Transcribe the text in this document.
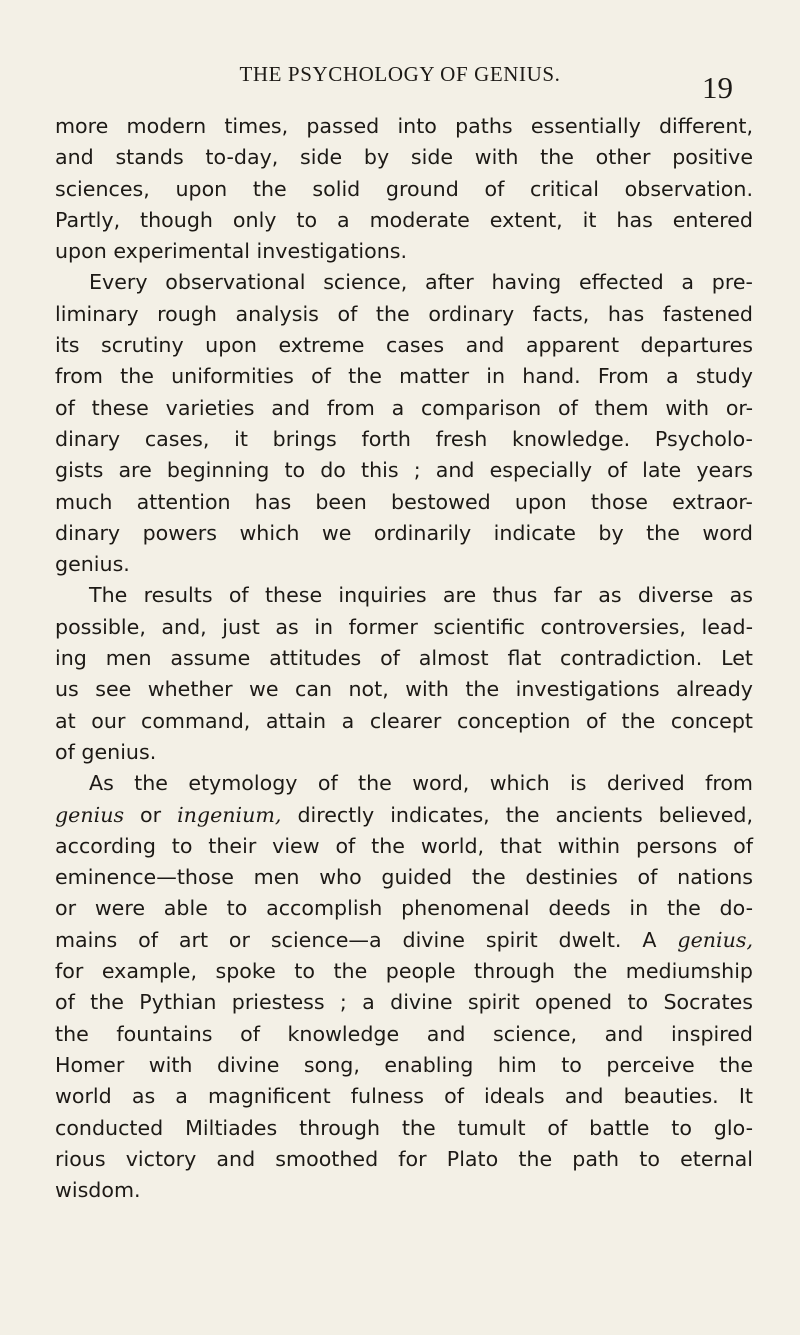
THE PSYCHOLOGY OF GENIUS.	19
more modern times, passed into paths essentially different,
and stands to-day, side by side with the other positive
sciences, upon the solid ground of critical observation.
Partly, though only to a moderate extent, it has entered
upon experimental investigations.
Every observational science, after having effected a pre-
liminary rough analysis of the ordinary facts, has fastened
its scrutiny upon extreme cases and apparent departures
from the uniformities of the matter in hand. From a study
of these varieties and from a comparison of them with or-
dinary cases, it brings forth fresh knowledge. Psycholo-
gists are beginning to do this ; and especially of late years
much attention has been bestowed upon those extraor-
dinary powers which we ordinarily indicate by the word
genius.
The results of these inquiries are thus far as diverse as
possible, and, just as in former scientific controversies, lead-
ing men assume attitudes of almost flat contradiction. Let
us see whether we can not, with the investigations already
at our command, attain a clearer conception of the concept
of genius.
As the etymology of the word, which is derived from
genius or ingenium, directly indicates, the ancients believed,
according to their view of the world, that within persons of
eminence—those men who guided the destinies of nations
or were able to accomplish phenomenal deeds in the do-
mains of art or science—a divine spirit dwelt. A genius,
for example, spoke to the people through the mediumship
of the Pythian priestess ; a divine spirit opened to Socrates
the fountains of knowledge and science, and inspired
Homer with divine song, enabling him to perceive the
world as a magnificent fulness of ideals and beauties. It
conducted Miltiades through the tumult of battle to glo-
rious victory and smoothed for Plato the path to eternal
wisdom.
